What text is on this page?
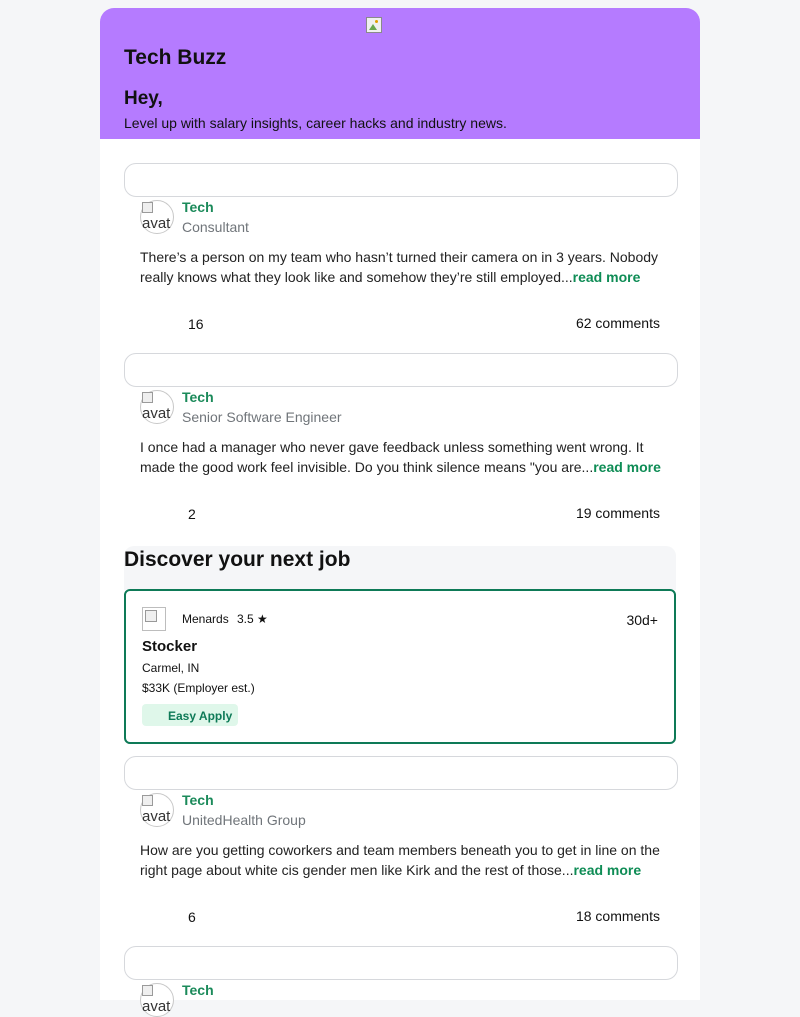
Tech Buzz
Hey,
Level up with salary insights, career hacks and industry news.
avat
Tech
Consultant
There’s a person on my team who hasn’t turned their camera on in 3 years. Nobody really knows what they look like and somehow they’re still employed...read more
16	62 comments
avat
Tech
Senior Software Engineer
I once had a manager who never gave feedback unless something went wrong. It made the good work feel invisible. Do you think silence means "you are...read more
2	19 comments
Discover your next job
Menards 3.5 ★	30d+
Stocker
Carmel, IN
$33K (Employer est.)
Easy Apply
avat
Tech
UnitedHealth Group
How are you getting coworkers and team members beneath you to get in line on the right page about white cis gender men like Kirk and the rest of those...read more
6	18 comments
avat
Tech
